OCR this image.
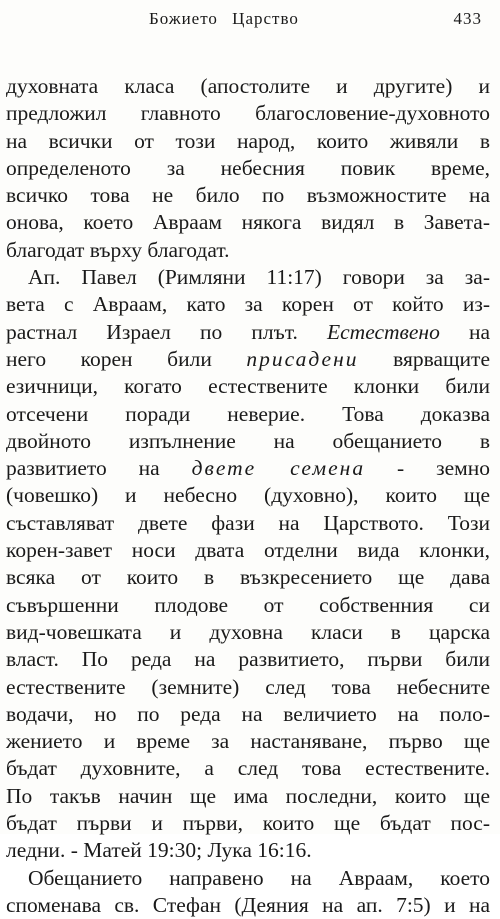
Божието Царство	433
духовната класа (апостолите и другите) и
предложил главното благословение-духовното
на всички от този народ, които живяли в
определеното за небесния повик време,
всичко това не било по възможностите на
онова, което Авраам някога видял в Завета-
благодат върху благодат.
Ап. Павел (Римляни 11:17) говори за за-
вета с Авраам, като за корен от който из-
растнал Израел по плът. Естествено на
него корен били присадени вярващите
езичници, когато естествените клонки били
отсечени поради неверие. Това доказва
двойното изпълнение на обещанието в
развитието на двете семена - земно
(човешко) и небесно (духовно), които ще
съставляват двете фази на Царството. Този
корен-завет носи двата отделни вида клонки,
всяка от които в възкресението ще дава
съвършенни плодове от собственния си
вид-човешката и духовна класи в царска
власт. По реда на развитието, първи били
естествените (земните) след това небесните
водачи, но по реда на величието на поло-
жението и време за настаняване, първо ще
бъдат духовните, а след това естествените.
По такъв начин ще има последни, които ще
бъдат първи и първи, които ще бъдат пос-
ледни. - Матей 19:30; Лука 16:16.
Обещанието направено на Авраам, което
споменава св. Стефан (Деяния на ап. 7:5) и на
